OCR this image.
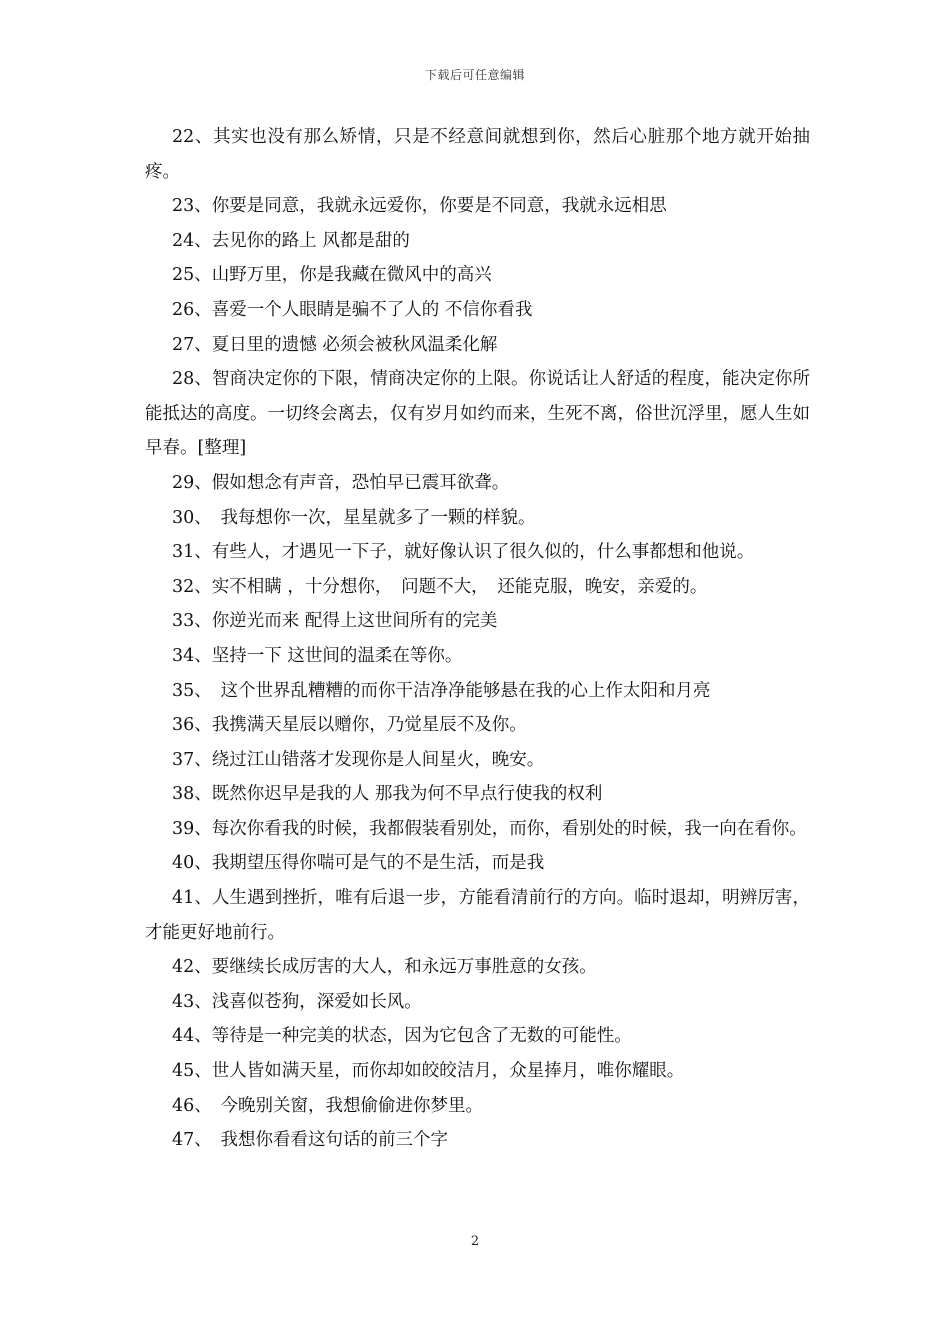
下载后可任意编辑

22、其实也没有那么矫情，只是不经意间就想到你，然后心脏那个地方就开始抽疼。

23、你要是同意，我就永远爱你，你要是不同意，我就永远相思

24、去见你的路上 风都是甜的

25、山野万里，你是我藏在微风中的高兴

26、喜爱一个人眼睛是骗不了人的 不信你看我

27、夏日里的遗憾 必须会被秋风温柔化解

28、智商决定你的下限，情商决定你的上限。你说话让人舒适的程度，能决定你所能抵达的高度。一切终会离去，仅有岁月如约而来，生死不离，俗世沉浮里，愿人生如早春。[整理]

29、假如想念有声音，恐怕早已震耳欲聋。

30、　我每想你一次，星星就多了一颗的样貌。

31、有些人，才遇见一下子，就好像认识了很久似的，什么事都想和他说。

32、实不相瞒 ，十分想你，　问题不大，　还能克服，晚安，亲爱的。

33、你逆光而来 配得上这世间所有的完美

34、坚持一下 这世间的温柔在等你。

35、　这个世界乱糟糟的而你干洁净净能够悬在我的心上作太阳和月亮

36、我携满天星辰以赠你，乃觉星辰不及你。

37、绕过江山错落才发现你是人间星火，晚安。

38、既然你迟早是我的人 那我为何不早点行使我的权利

39、每次你看我的时候，我都假装看别处，而你，看别处的时候，我一向在看你。

40、我期望压得你喘可是气的不是生活，而是我

41、人生遇到挫折，唯有后退一步，方能看清前行的方向。临时退却，明辨厉害，才能更好地前行。

42、要继续长成厉害的大人，和永远万事胜意的女孩。

43、浅喜似苍狗，深爱如长风。

44、等待是一种完美的状态，因为它包含了无数的可能性。

45、世人皆如满天星，而你却如皎皎洁月，众星捧月，唯你耀眼。

46、　今晚别关窗，我想偷偷进你梦里。

47、　我想你看看这句话的前三个字

2
